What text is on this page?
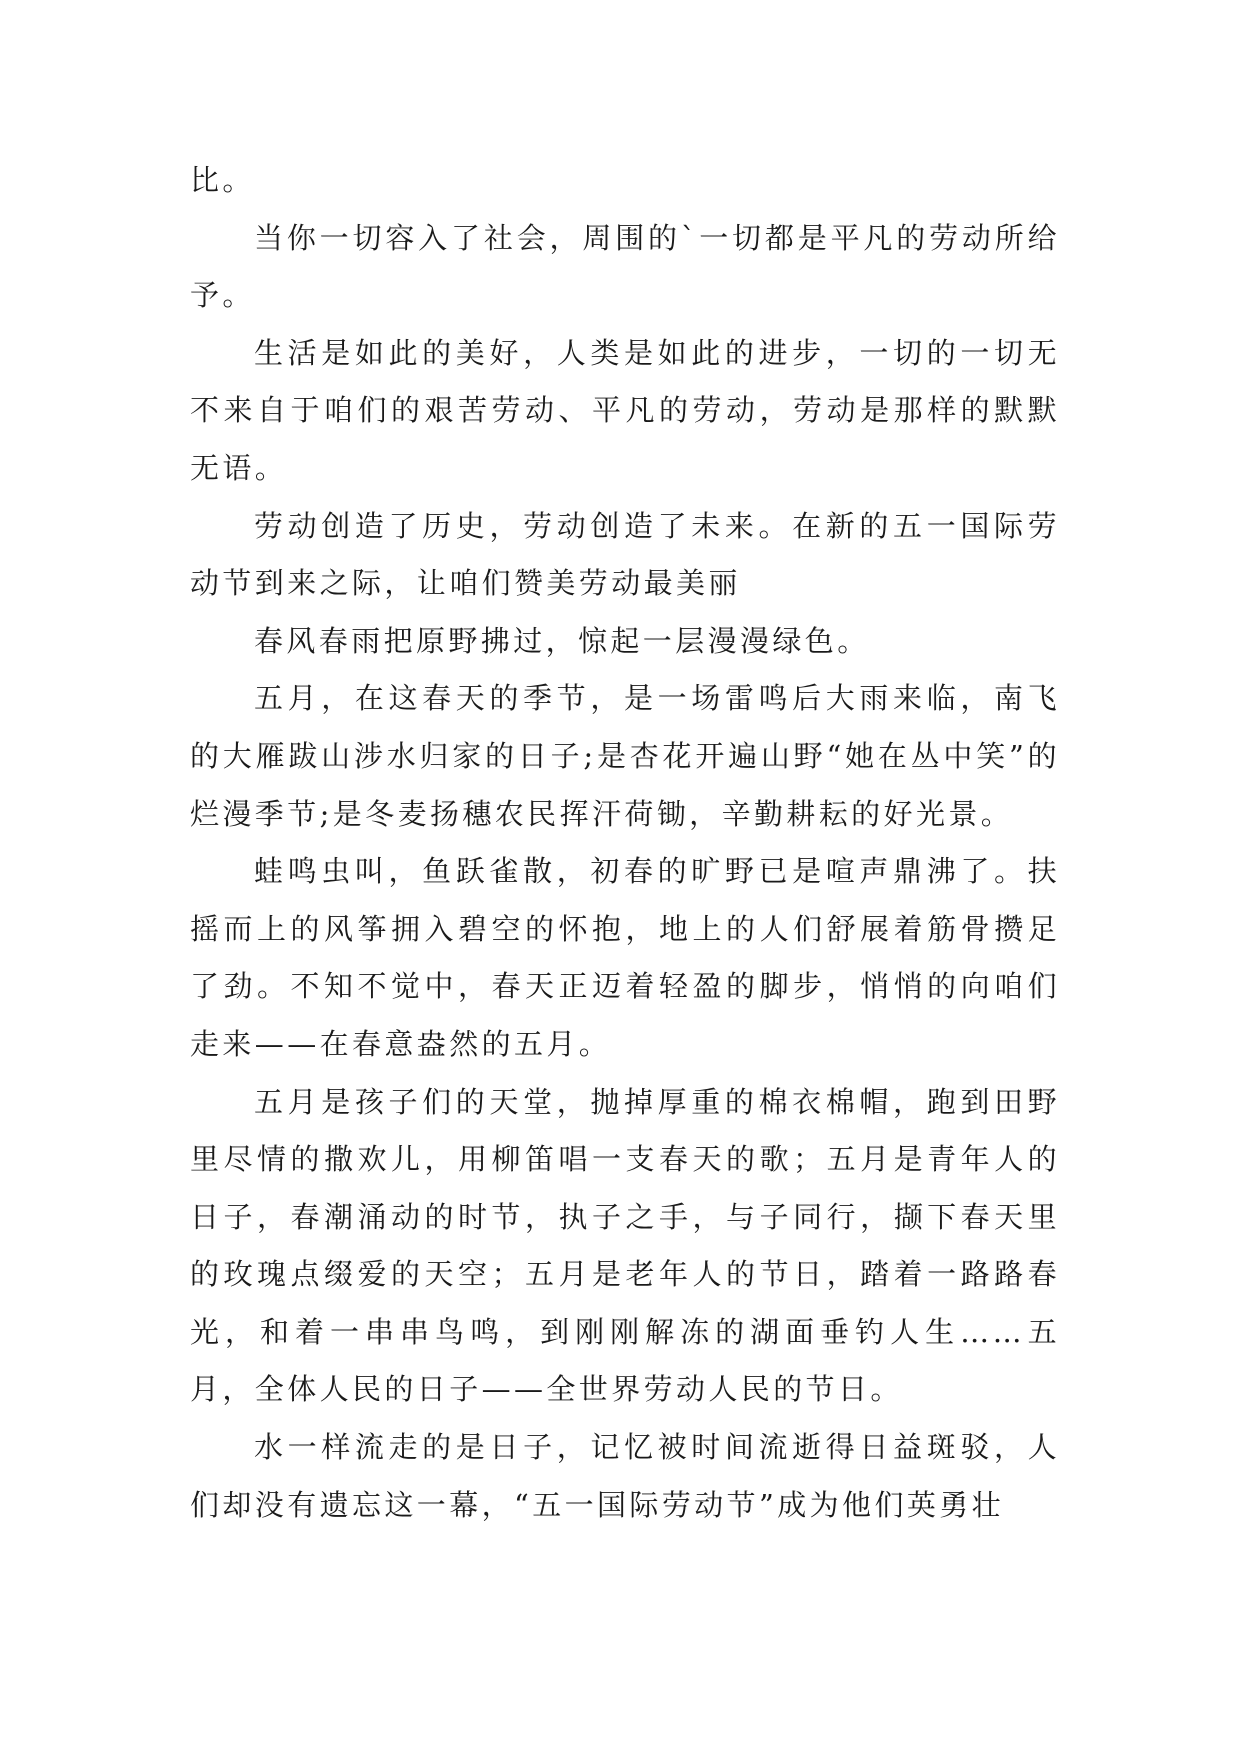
比。

当你一切容入了社会，周围的`一切都是平凡的劳动所给予。

生活是如此的美好，人类是如此的进步，一切的一切无不来自于咱们的艰苦劳动、平凡的劳动，劳动是那样的默默无语。

劳动创造了历史，劳动创造了未来。在新的五一国际劳动节到来之际，让咱们赞美劳动最美丽

春风春雨把原野拂过，惊起一层漫漫绿色。

五月，在这春天的季节，是一场雷鸣后大雨来临，南飞的大雁跋山涉水归家的日子;是杏花开遍山野“她在丛中笑”的烂漫季节;是冬麦扬穗农民挥汗荷锄，辛勤耕耘的好光景。

蛙鸣虫叫，鱼跃雀散，初春的旷野已是喧声鼎沸了。扶摇而上的风筝拥入碧空的怀抱，地上的人们舒展着筋骨攒足了劲。不知不觉中，春天正迈着轻盈的脚步，悄悄的向咱们走来——在春意盎然的五月。

五月是孩子们的天堂，抛掉厚重的棉衣棉帽，跑到田野里尽情的撒欢儿，用柳笛唱一支春天的歌；五月是青年人的日子，春潮涌动的时节，执子之手，与子同行，撷下春天里的玫瑰点缀爱的天空；五月是老年人的节日，踏着一路路春光，和着一串串鸟鸣，到刚刚解冻的湖面垂钓人生……五月，全体人民的日子——全世界劳动人民的节日。

水一样流走的是日子，记忆被时间流逝得日益斑驳，人们却没有遗忘这一幕，“五一国际劳动节”成为他们英勇壮
